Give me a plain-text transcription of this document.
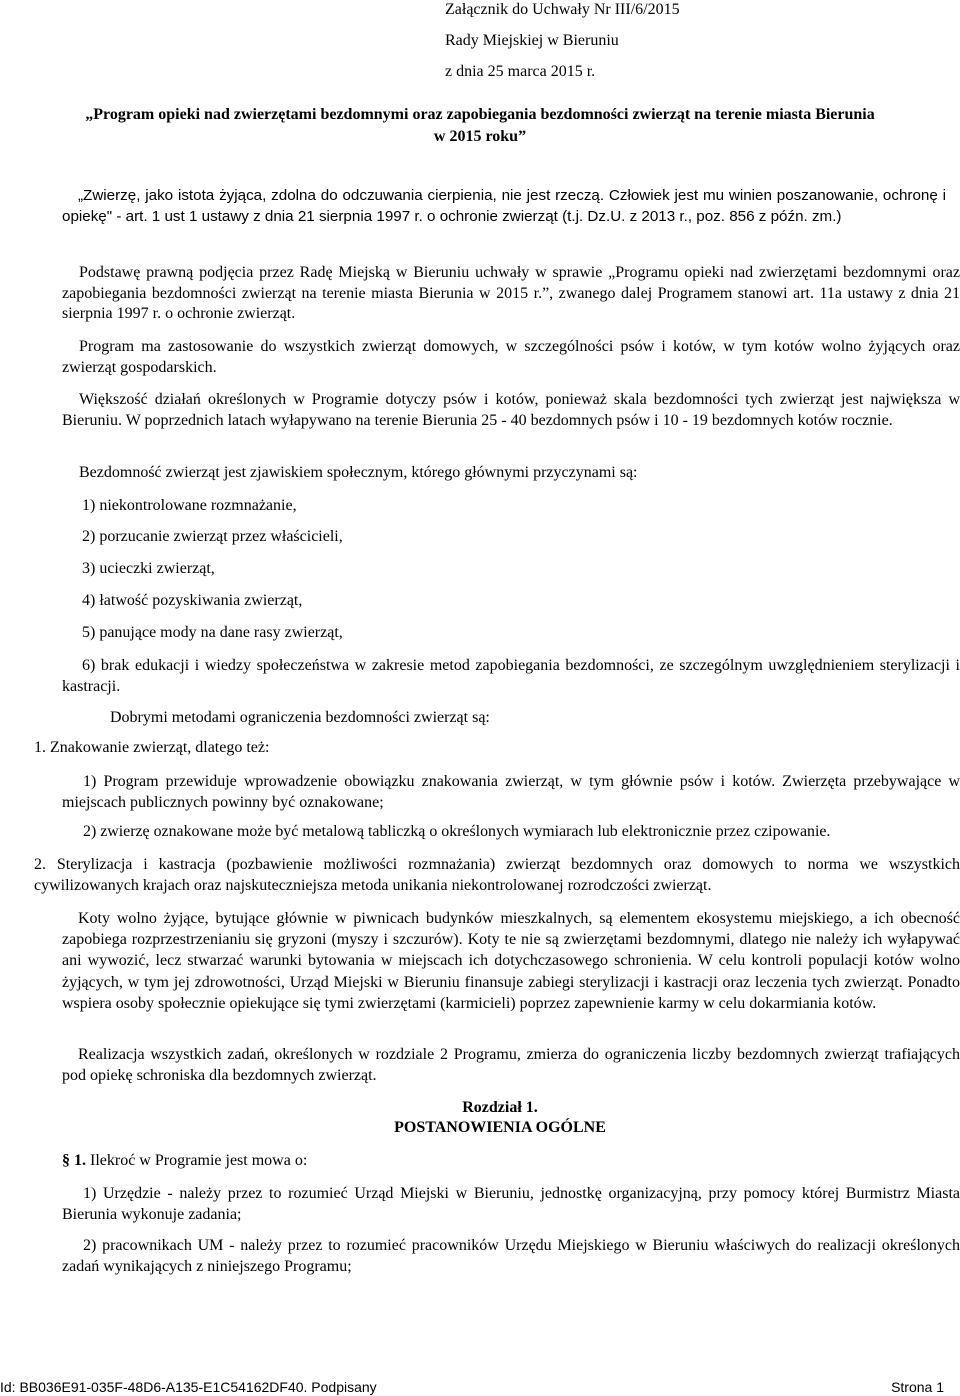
Załącznik do Uchwały Nr III/6/2015

Rady Miejskiej w Bieruniu

z dnia 25 marca 2015 r.

„Program opieki nad zwierzętami bezdomnymi oraz zapobiegania bezdomności zwierząt na terenie miasta Bierunia
w 2015 roku”

„Zwierzę, jako istota żyjąca, zdolna do odczuwania cierpienia, nie jest rzeczą. Człowiek jest mu winien poszanowanie, ochronę i opiekę" - art. 1 ust 1 ustawy z dnia 21 sierpnia 1997 r. o ochronie zwierząt (t.j. Dz.U. z 2013 r., poz. 856 z późn. zm.)

Podstawę prawną podjęcia przez Radę Miejską w Bieruniu uchwały w sprawie „Programu opieki nad zwierzętami bezdomnymi oraz zapobiegania bezdomności zwierząt na terenie miasta Bierunia w 2015 r.”, zwanego dalej Programem stanowi art. 11a ustawy z dnia 21 sierpnia 1997 r. o ochronie zwierząt.

Program ma zastosowanie do wszystkich zwierząt domowych, w szczególności psów i kotów, w tym kotów wolno żyjących oraz zwierząt gospodarskich.

Większość działań określonych w Programie dotyczy psów i kotów, ponieważ skala bezdomności tych zwierząt jest największa w Bieruniu. W poprzednich latach wyłapywano na terenie Bierunia 25 - 40 bezdomnych psów i 10 - 19 bezdomnych kotów rocznie.

Bezdomność zwierząt jest zjawiskiem społecznym, którego głównymi przyczynami są:

1) niekontrolowane rozmnażanie,

2) porzucanie zwierząt przez właścicieli,

3) ucieczki zwierząt,

4) łatwość pozyskiwania zwierząt,

5) panujące mody na dane rasy zwierząt,

6) brak edukacji i wiedzy społeczeństwa w zakresie metod zapobiegania bezdomności, ze szczególnym uwzględnieniem sterylizacji i kastracji.

Dobrymi metodami ograniczenia bezdomności zwierząt są:

1. Znakowanie zwierząt, dlatego też:

1) Program przewiduje wprowadzenie obowiązku znakowania zwierząt, w tym głównie psów i kotów. Zwierzęta przebywające w miejscach publicznych powinny być oznakowane;

2) zwierzę oznakowane może być metalową tabliczką o określonych wymiarach lub elektronicznie przez czipowanie.

2. Sterylizacja i kastracja (pozbawienie możliwości rozmnażania) zwierząt bezdomnych oraz domowych to norma we wszystkich cywilizowanych krajach oraz najskuteczniejsza metoda unikania niekontrolowanej rozrodczości zwierząt.

Koty wolno żyjące, bytujące głównie w piwnicach budynków mieszkalnych, są elementem ekosystemu miejskiego, a ich obecność zapobiega rozprzestrzenianiu się gryzoni (myszy i szczurów). Koty te nie są zwierzętami bezdomnymi, dlatego nie należy ich wyłapywać ani wywozić, lecz stwarzać warunki bytowania w miejscach ich dotychczasowego schronienia. W celu kontroli populacji kotów wolno żyjących, w tym jej zdrowotności, Urząd Miejski w Bieruniu finansuje zabiegi sterylizacji i kastracji oraz leczenia tych zwierząt. Ponadto wspiera osoby społecznie opiekujące się tymi zwierzętami (karmicieli) poprzez zapewnienie karmy w celu dokarmiania kotów.

Realizacja wszystkich zadań, określonych w rozdziale 2 Programu, zmierza do ograniczenia liczby bezdomnych zwierząt trafiających pod opiekę schroniska dla bezdomnych zwierząt.

Rozdział 1.

POSTANOWIENIA OGÓLNE

§ 1. Ilekroć w Programie jest mowa o:

1) Urzędzie - należy przez to rozumieć Urząd Miejski w Bieruniu, jednostkę organizacyjną, przy pomocy której Burmistrz Miasta Bierunia wykonuje zadania;

2) pracownikach UM - należy przez to rozumieć pracowników Urzędu Miejskiego w Bieruniu właściwych do realizacji określonych zadań wynikających z niniejszego Programu;

Id: BB036E91-035F-48D6-A135-E1C54162DF40. Podpisany	Strona 1
